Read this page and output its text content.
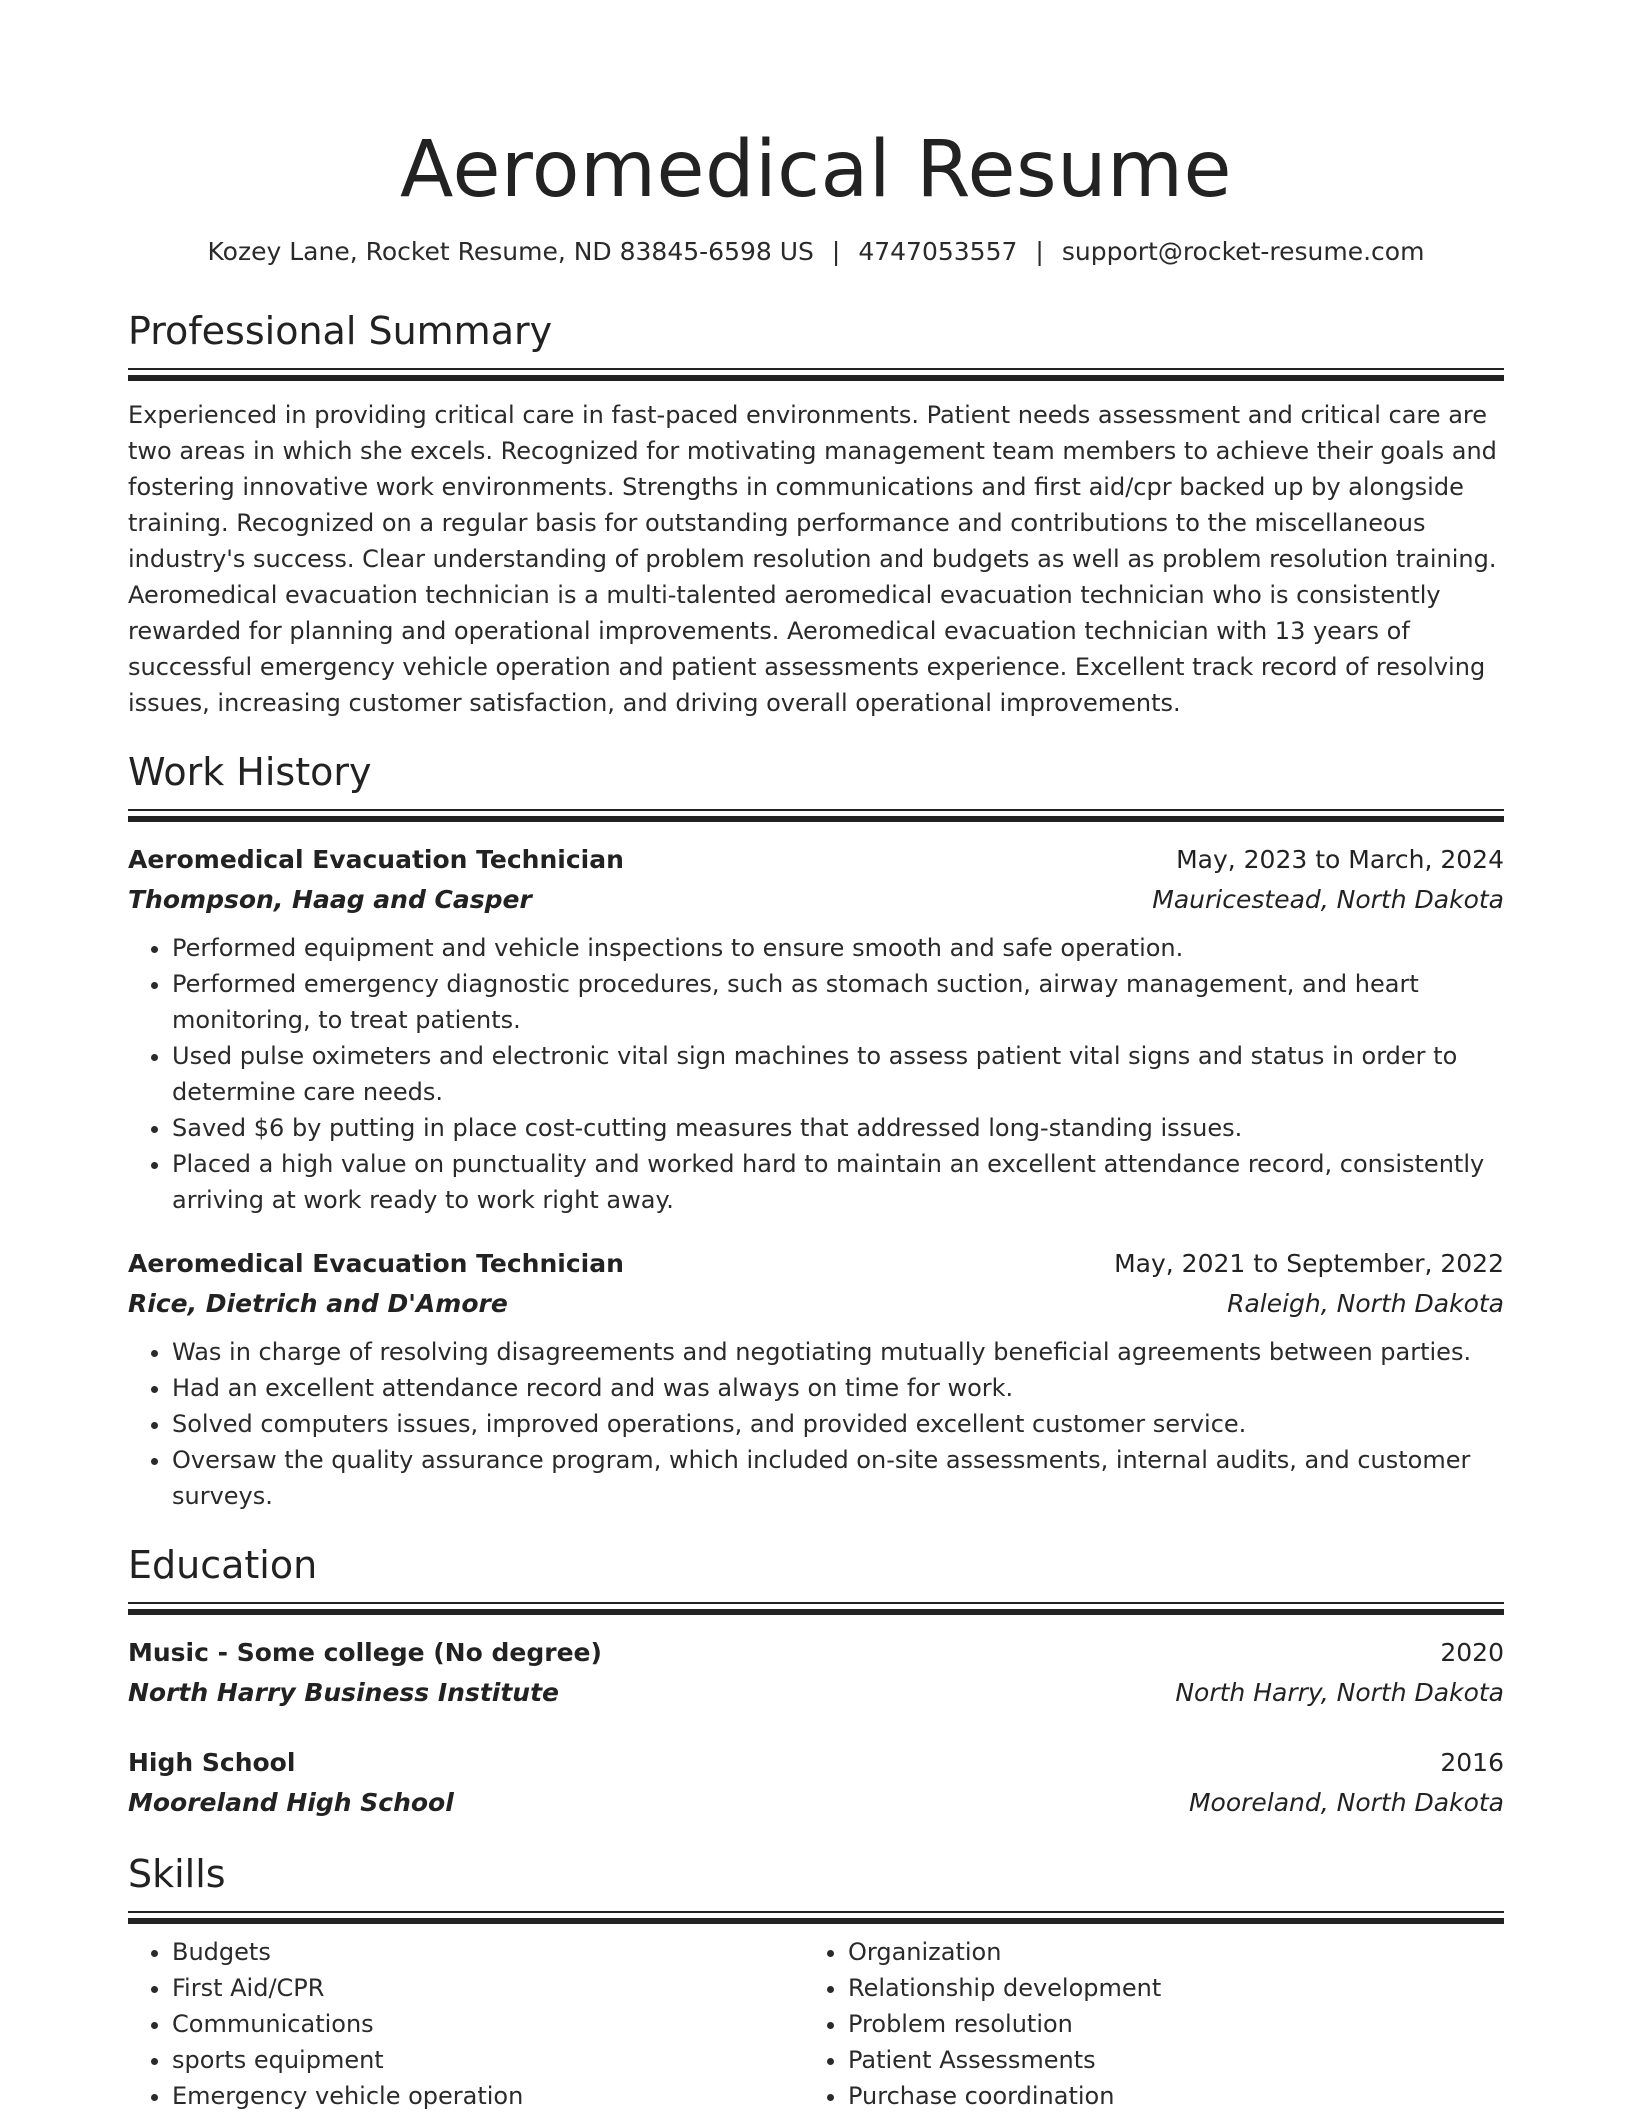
Aeromedical Resume
Kozey Lane, Rocket Resume, ND 83845-6598 US | 4747053557 | support@rocket-resume.com
Professional Summary

Experienced in providing critical care in fast-paced environments. Patient needs assessment and critical care are two areas in which she excels. Recognized for motivating management team members to achieve their goals and fostering innovative work environments. Strengths in communications and first aid/cpr backed up by alongside training. Recognized on a regular basis for outstanding performance and contributions to the miscellaneous industry's success. Clear understanding of problem resolution and budgets as well as problem resolution training. Aeromedical evacuation technician is a multi-talented aeromedical evacuation technician who is consistently rewarded for planning and operational improvements. Aeromedical evacuation technician with 13 years of successful emergency vehicle operation and patient assessments experience. Excellent track record of resolving issues, increasing customer satisfaction, and driving overall operational improvements.

Work History
Aeromedical Evacuation Technician	May, 2023 to March, 2024
Thompson, Haag and Casper	Mauricestead, North Dakota
• Performed equipment and vehicle inspections to ensure smooth and safe operation.
• Performed emergency diagnostic procedures, such as stomach suction, airway management, and heart monitoring, to treat patients.
• Used pulse oximeters and electronic vital sign machines to assess patient vital signs and status in order to determine care needs.
• Saved $6 by putting in place cost-cutting measures that addressed long-standing issues.
• Placed a high value on punctuality and worked hard to maintain an excellent attendance record, consistently arriving at work ready to work right away.
Aeromedical Evacuation Technician	May, 2021 to September, 2022
Rice, Dietrich and D'Amore	Raleigh, North Dakota
• Was in charge of resolving disagreements and negotiating mutually beneficial agreements between parties.
• Had an excellent attendance record and was always on time for work.
• Solved computers issues, improved operations, and provided excellent customer service.
• Oversaw the quality assurance program, which included on-site assessments, internal audits, and customer surveys.
Education
Music - Some college (No degree)	2020
North Harry Business Institute	North Harry, North Dakota
High School	2016
Mooreland High School	Mooreland, North Dakota
Skills
• Budgets
• First Aid/CPR
• Communications
• sports equipment
• Emergency vehicle operation
• Organization
• Relationship development
• Problem resolution
• Patient Assessments
• Purchase coordination
